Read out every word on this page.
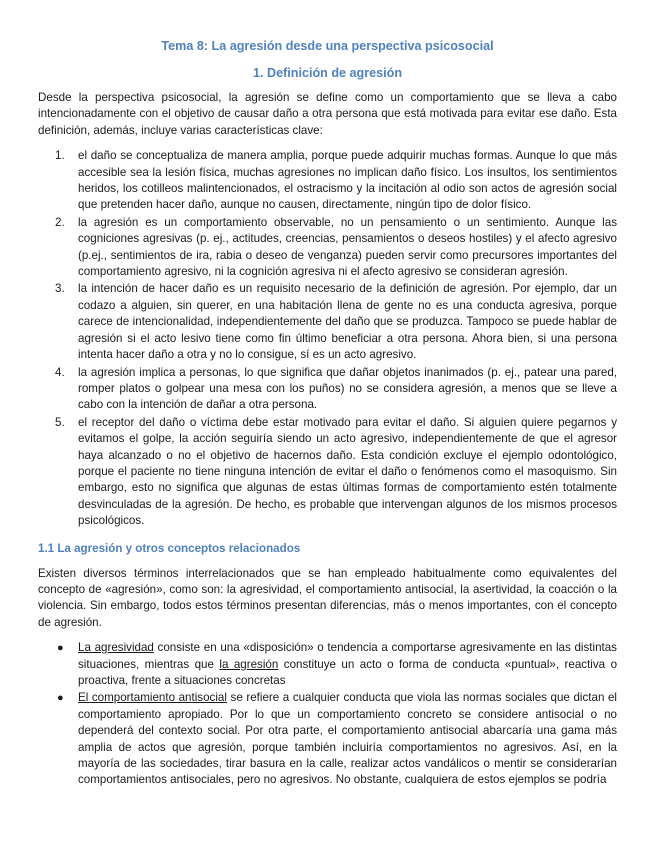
Tema 8: La agresión desde una perspectiva psicosocial

1. Definición de agresión

Desde la perspectiva psicosocial, la agresión se define como un comportamiento que se lleva a cabo intencionadamente con el objetivo de causar daño a otra persona que está motivada para evitar ese daño. Esta definición, además, incluye varias características clave:

1. el daño se conceptualiza de manera amplia, porque puede adquirir muchas formas. Aunque lo que más accesible sea la lesión física, muchas agresiones no implican daño físico. Los insultos, los sentimientos heridos, los cotilleos malintencionados, el ostracismo y la incitación al odio son actos de agresión social que pretenden hacer daño, aunque no causen, directamente, ningún tipo de dolor físico.
2. la agresión es un comportamiento observable, no un pensamiento o un sentimiento. Aunque las cogniciones agresivas (p. ej., actitudes, creencias, pensamientos o deseos hostiles) y el afecto agresivo (p.ej., sentimientos de ira, rabia o deseo de venganza) pueden servir como precursores importantes del comportamiento agresivo, ni la cognición agresiva ni el afecto agresivo se consideran agresión.
3. la intención de hacer daño es un requisito necesario de la definición de agresión. Por ejemplo, dar un codazo a alguien, sin querer, en una habitación llena de gente no es una conducta agresiva, porque carece de intencionalidad, independientemente del daño que se produzca. Tampoco se puede hablar de agresión si el acto lesivo tiene como fin último beneficiar a otra persona. Ahora bien, si una persona intenta hacer daño a otra y no lo consigue, sí es un acto agresivo.
4. la agresión implica a personas, lo que significa que dañar objetos inanimados (p. ej., patear una pared, romper platos o golpear una mesa con los puños) no se considera agresión, a menos que se lleve a cabo con la intención de dañar a otra persona.
5. el receptor del daño o víctima debe estar motivado para evitar el daño. Si alguien quiere pegarnos y evitamos el golpe, la acción seguiría siendo un acto agresivo, independientemente de que el agresor haya alcanzado o no el objetivo de hacernos daño. Esta condición excluye el ejemplo odontológico, porque el paciente no tiene ninguna intención de evitar el daño o fenómenos como el masoquismo. Sin embargo, esto no significa que algunas de estas últimas formas de comportamiento estén totalmente desvinculadas de la agresión. De hecho, es probable que intervengan algunos de los mismos procesos psicológicos.
1.1 La agresión y otros conceptos relacionados

Existen diversos términos interrelacionados que se han empleado habitualmente como equivalentes del concepto de «agresión», como son: la agresividad, el comportamiento antisocial, la asertividad, la coacción o la violencia. Sin embargo, todos estos términos presentan diferencias, más o menos importantes, con el concepto de agresión.

● La agresividad consiste en una «disposición» o tendencia a comportarse agresivamente en las distintas situaciones, mientras que la agresión constituye un acto o forma de conducta «puntual», reactiva o proactiva, frente a situaciones concretas
● El comportamiento antisocial se refiere a cualquier conducta que viola las normas sociales que dictan el comportamiento apropiado. Por lo que un comportamiento concreto se considere antisocial o no dependerá del contexto social. Por otra parte, el comportamiento antisocial abarcaría una gama más amplia de actos que agresión, porque también incluiría comportamientos no agresivos. Así, en la mayoría de las sociedades, tirar basura en la calle, realizar actos vandálicos o mentir se considerarían comportamientos antisociales, pero no agresivos. No obstante, cualquiera de estos ejemplos se podría
